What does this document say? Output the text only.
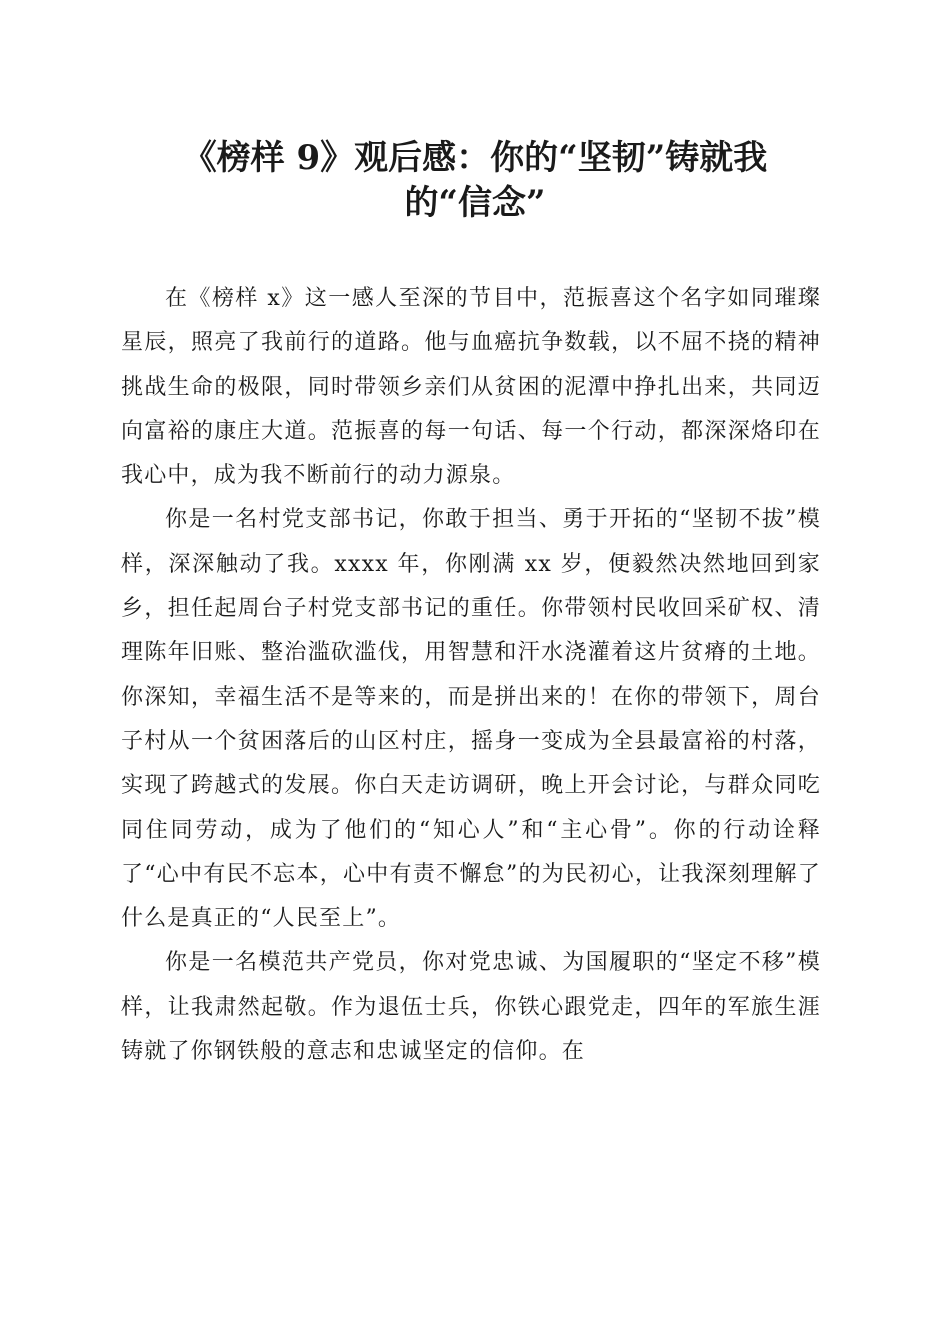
《榜样 9》观后感：你的“坚韧”铸就我
的“信念”

在《榜样 x》这一感人至深的节目中，范振喜这个名字如同璀璨星辰，照亮了我前行的道路。他与血癌抗争数载，以不屈不挠的精神挑战生命的极限，同时带领乡亲们从贫困的泥潭中挣扎出来，共同迈向富裕的康庄大道。范振喜的每一句话、每一个行动，都深深烙印在我心中，成为我不断前行的动力源泉。

你是一名村党支部书记，你敢于担当、勇于开拓的“坚韧不拔”模样，深深触动了我。xxxx 年，你刚满 xx 岁，便毅然决然地回到家乡，担任起周台子村党支部书记的重任。你带领村民收回采矿权、清理陈年旧账、整治滥砍滥伐，用智慧和汗水浇灌着这片贫瘠的土地。你深知，幸福生活不是等来的，而是拼出来的！在你的带领下，周台子村从一个贫困落后的山区村庄，摇身一变成为全县最富裕的村落，实现了跨越式的发展。你白天走访调研，晚上开会讨论，与群众同吃同住同劳动，成为了他们的“知心人”和“主心骨”。你的行动诠释了“心中有民不忘本，心中有责不懈怠”的为民初心，让我深刻理解了什么是真正的“人民至上”。

你是一名模范共产党员，你对党忠诚、为国履职的“坚定不移”模样，让我肃然起敬。作为退伍士兵，你铁心跟党走，四年的军旅生涯铸就了你钢铁般的意志和忠诚坚定的信仰。在
